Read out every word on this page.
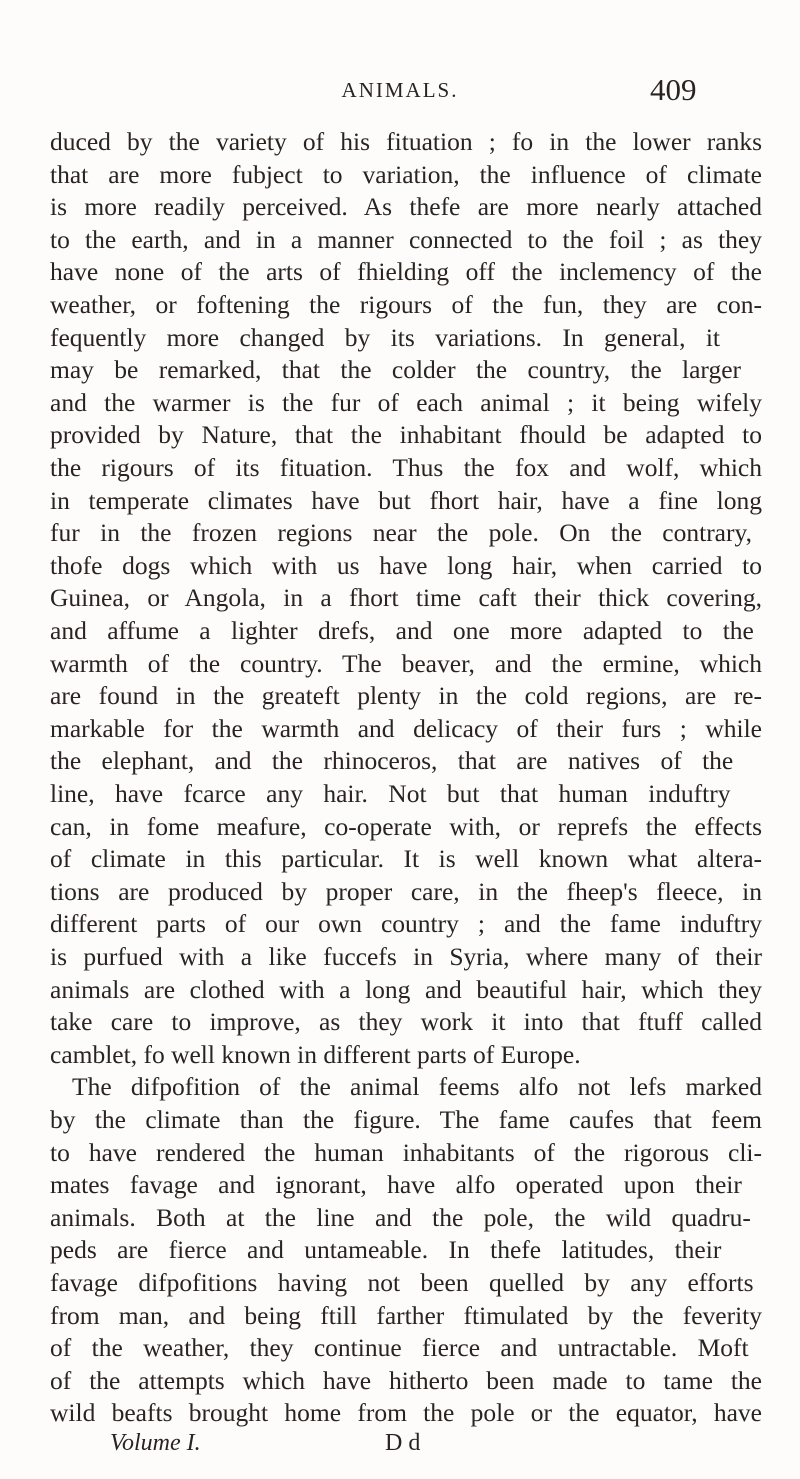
ANIMALS.	409
duced by the variety of his fituation ; fo in the lower ranks
that are more fubject to variation, the influence of climate
is more readily perceived. As thefe are more nearly attached
to the earth, and in a manner connected to the foil ; as they
have none of the arts of fhielding off the inclemency of the
weather, or foftening the rigours of the fun, they are con-
fequently more changed by its variations. In general, it
may be remarked, that the colder the country, the larger
and the warmer is the fur of each animal ; it being wifely
provided by Nature, that the inhabitant fhould be adapted to
the rigours of its fituation. Thus the fox and wolf, which
in temperate climates have but fhort hair, have a fine long
fur in the frozen regions near the pole. On the contrary,
thofe dogs which with us have long hair, when carried to
Guinea, or Angola, in a fhort time caft their thick covering,
and affume a lighter drefs, and one more adapted to the
warmth of the country. The beaver, and the ermine, which
are found in the greateft plenty in the cold regions, are re-
markable for the warmth and delicacy of their furs ; while
the elephant, and the rhinoceros, that are natives of the
line, have fcarce any hair. Not but that human induftry
can, in fome meafure, co-operate with, or reprefs the effects
of climate in this particular. It is well known what altera-
tions are produced by proper care, in the fheep's fleece, in
different parts of our own country ; and the fame induftry
is purfued with a like fuccefs in Syria, where many of their
animals are clothed with a long and beautiful hair, which they
take care to improve, as they work it into that ftuff called
camblet, fo well known in different parts of Europe.
The difpofition of the animal feems alfo not lefs marked
by the climate than the figure. The fame caufes that feem
to have rendered the human inhabitants of the rigorous cli-
mates favage and ignorant, have alfo operated upon their
animals. Both at the line and the pole, the wild quadru-
peds are fierce and untameable. In thefe latitudes, their
favage difpofitions having not been quelled by any efforts
from man, and being ftill farther ftimulated by the feverity
of the weather, they continue fierce and untractable. Moft
of the attempts which have hitherto been made to tame the
wild beafts brought home from the pole or the equator, have
Volume I.	D d
